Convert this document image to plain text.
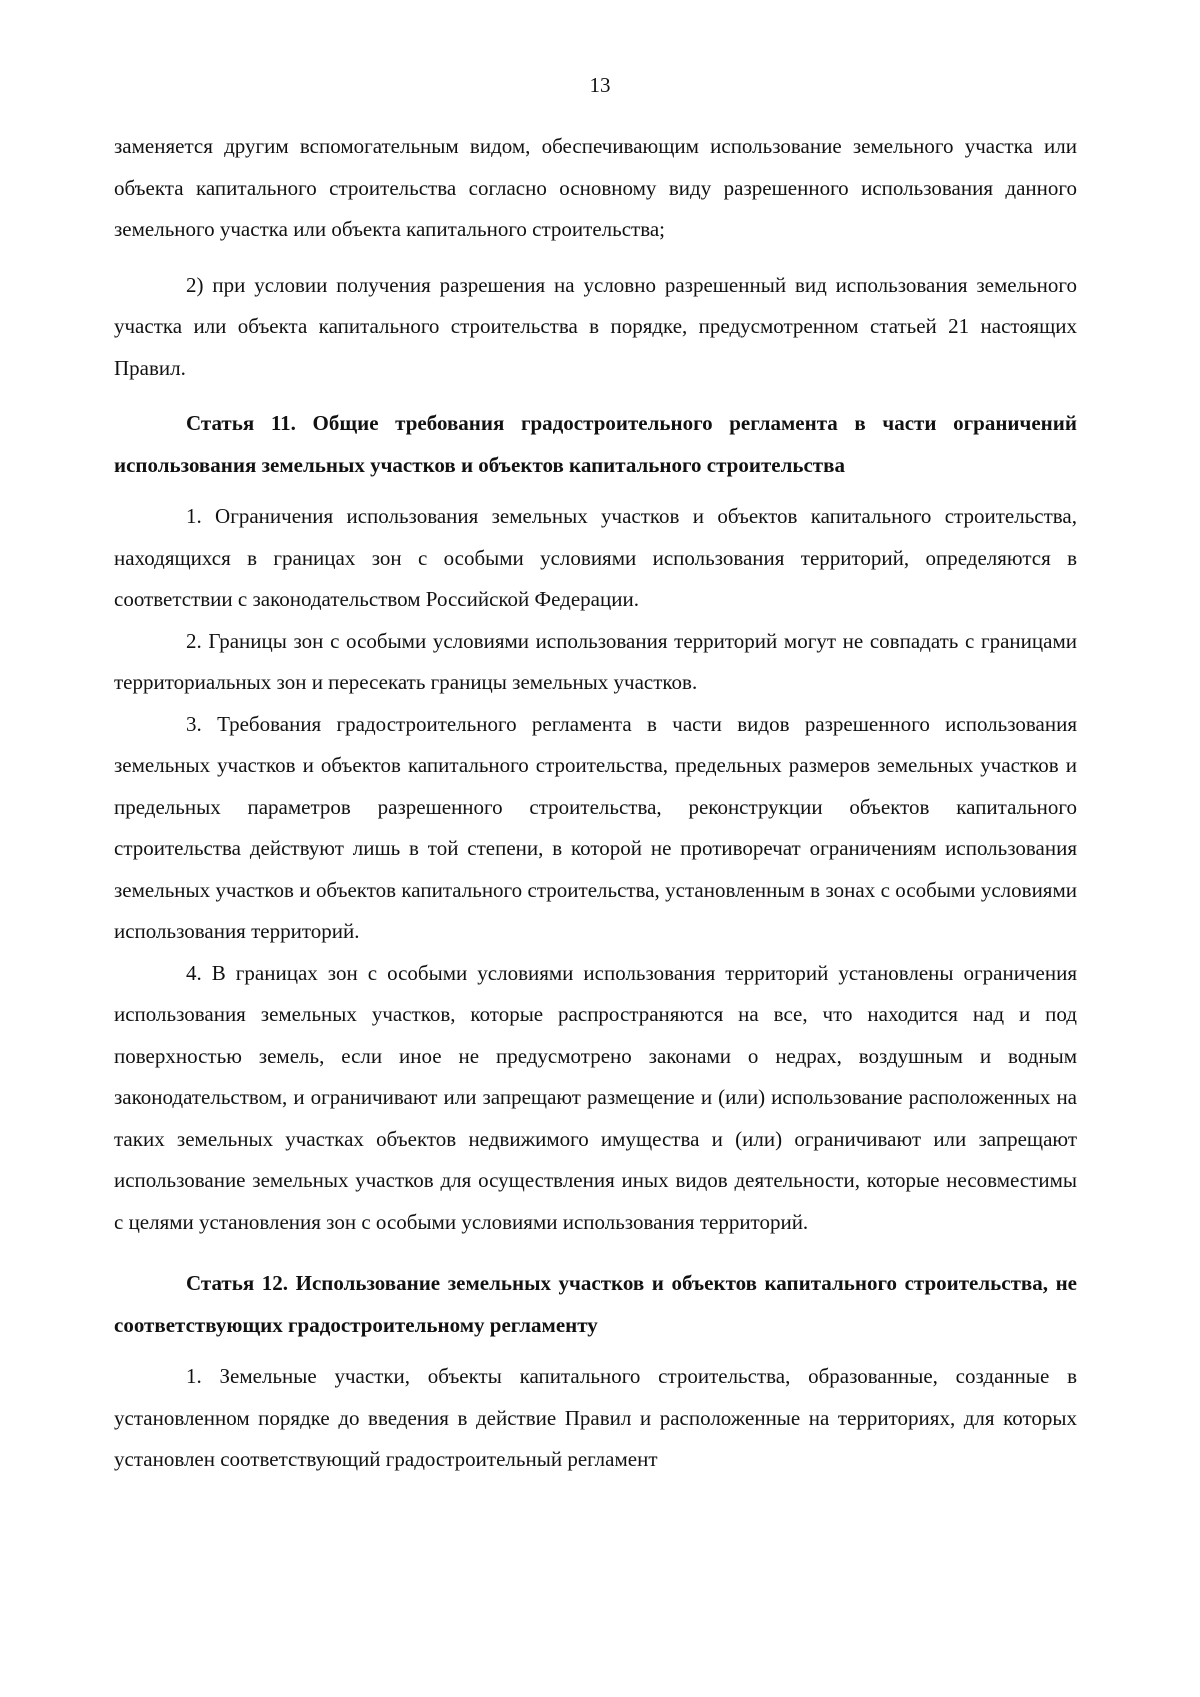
13

заменяется другим вспомогательным видом, обеспечивающим использование земельного участка или объекта капитального строительства согласно основному виду разрешенного использования данного земельного участка или объекта капитального строительства;

2) при условии получения разрешения на условно разрешенный вид использования земельного участка или объекта капитального строительства в порядке, предусмотренном статьей 21 настоящих Правил.

Статья 11. Общие требования градостроительного регламента в части ограничений использования земельных участков и объектов капитального строительства

1. Ограничения использования земельных участков и объектов капитального строительства, находящихся в границах зон с особыми условиями использования территорий, определяются в соответствии с законодательством Российской Федерации.

2. Границы зон с особыми условиями использования территорий могут не совпадать с границами территориальных зон и пересекать границы земельных участков.

3. Требования градостроительного регламента в части видов разрешенного использования земельных участков и объектов капитального строительства, предельных размеров земельных участков и предельных параметров разрешенного строительства, реконструкции объектов капитального строительства действуют лишь в той степени, в которой не противоречат ограничениям использования земельных участков и объектов капитального строительства, установленным в зонах с особыми условиями использования территорий.

4. В границах зон с особыми условиями использования территорий установлены ограничения использования земельных участков, которые распространяются на все, что находится над и под поверхностью земель, если иное не предусмотрено законами о недрах, воздушным и водным законодательством, и ограничивают или запрещают размещение и (или) использование расположенных на таких земельных участках объектов недвижимого имущества и (или) ограничивают или запрещают использование земельных участков для осуществления иных видов деятельности, которые несовместимы с целями установления зон с особыми условиями использования территорий.

Статья 12. Использование земельных участков и объектов капитального строительства, не соответствующих градостроительному регламенту

1. Земельные участки, объекты капитального строительства, образованные, созданные в установленном порядке до введения в действие Правил и расположенные на территориях, для которых установлен соответствующий градостроительный регламент
